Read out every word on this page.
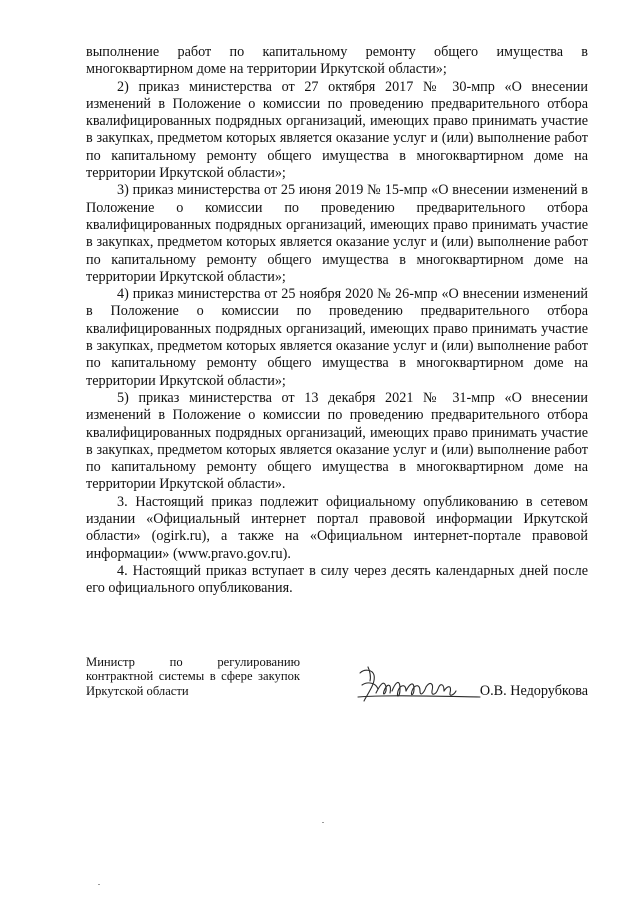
выполнение работ по капитальному ремонту общего имущества в многоквартирном доме на территории Иркутской области»;

2) приказ министерства от 27 октября 2017 № 30-мпр «О внесении изменений в Положение о комиссии по проведению предварительного отбора квалифицированных подрядных организаций, имеющих право принимать участие в закупках, предметом которых является оказание услуг и (или) выполнение работ по капитальному ремонту общего имущества в многоквартирном доме на территории Иркутской области»;

3) приказ министерства от 25 июня 2019 № 15-мпр «О внесении изменений в Положение о комиссии по проведению предварительного отбора квалифицированных подрядных организаций, имеющих право принимать участие в закупках, предметом которых является оказание услуг и (или) выполнение работ по капитальному ремонту общего имущества в многоквартирном доме на территории Иркутской области»;

4) приказ министерства от 25 ноября 2020 № 26-мпр «О внесении изменений в Положение о комиссии по проведению предварительного отбора квалифицированных подрядных организаций, имеющих право принимать участие в закупках, предметом которых является оказание услуг и (или) выполнение работ по капитальному ремонту общего имущества в многоквартирном доме на территории Иркутской области»;

5) приказ министерства от 13 декабря 2021 № 31-мпр «О внесении изменений в Положение о комиссии по проведению предварительного отбора квалифицированных подрядных организаций, имеющих право принимать участие в закупках, предметом которых является оказание услуг и (или) выполнение работ по капитальному ремонту общего имущества в многоквартирном доме на территории Иркутской области».

3. Настоящий приказ подлежит официальному опубликованию в сетевом издании «Официальный интернет портал правовой информации Иркутской области» (ogirk.ru), а также на «Официальном интернет-портале правовой информации» (www.pravo.gov.ru).

4. Настоящий приказ вступает в силу через десять календарных дней после его официального опубликования.

Министр по регулированию контрактной системы в сфере закупок Иркутской области	О.В. Недорубкова
